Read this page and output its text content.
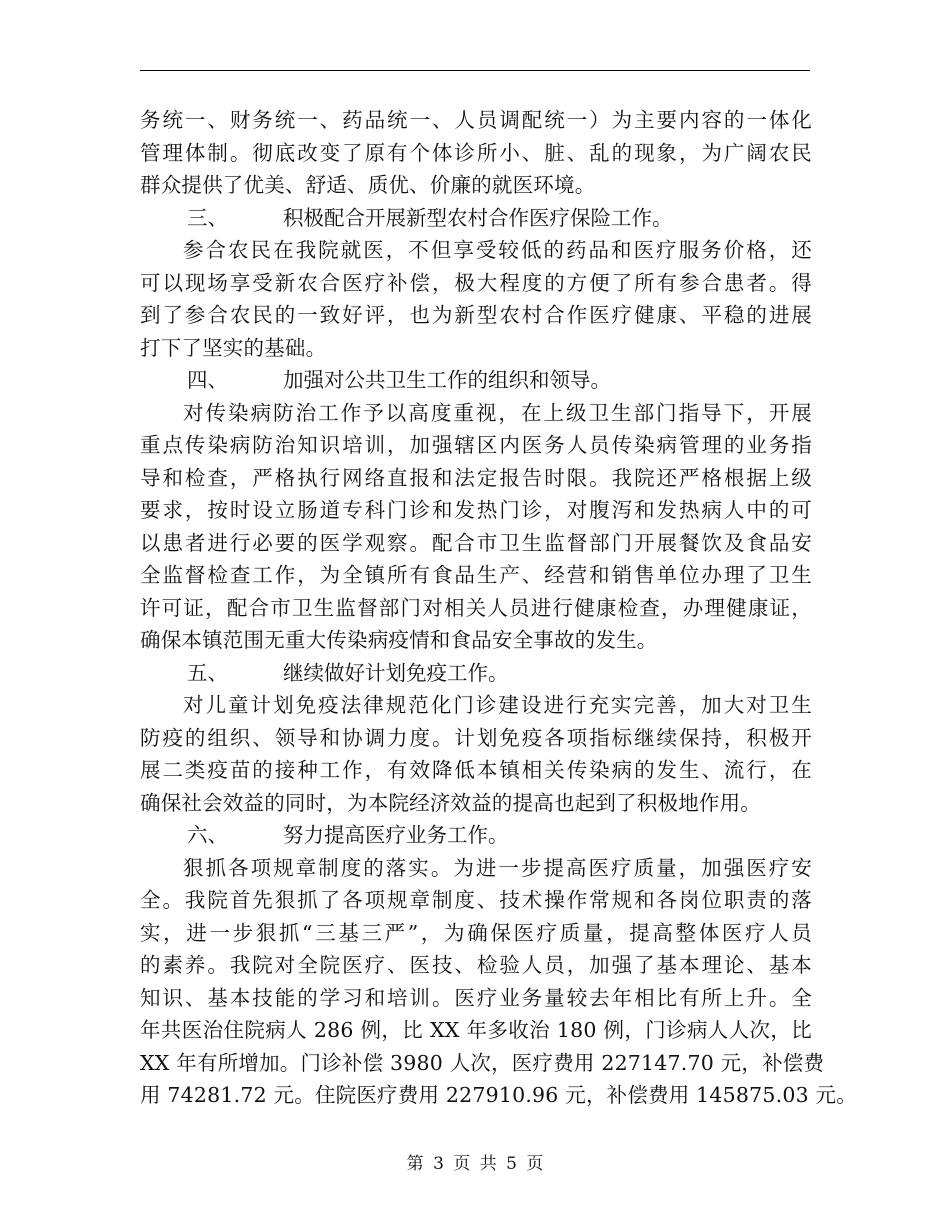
务统一、财务统一、药品统一、人员调配统一）为主要内容的一体化
管理体制。彻底改变了原有个体诊所小、脏、乱的现象，为广阔农民
群众提供了优美、舒适、质优、价廉的就医环境。
三、	积极配合开展新型农村合作医疗保险工作。
参合农民在我院就医，不但享受较低的药品和医疗服务价格，还
可以现场享受新农合医疗补偿，极大程度的方便了所有参合患者。得
到了参合农民的一致好评，也为新型农村合作医疗健康、平稳的进展
打下了坚实的基础。
四、	加强对公共卫生工作的组织和领导。
对传染病防治工作予以高度重视，在上级卫生部门指导下，开展
重点传染病防治知识培训，加强辖区内医务人员传染病管理的业务指
导和检查，严格执行网络直报和法定报告时限。我院还严格根据上级
要求，按时设立肠道专科门诊和发热门诊，对腹泻和发热病人中的可
以患者进行必要的医学观察。配合市卫生监督部门开展餐饮及食品安
全监督检查工作，为全镇所有食品生产、经营和销售单位办理了卫生
许可证，配合市卫生监督部门对相关人员进行健康检查，办理健康证，
确保本镇范围无重大传染病疫情和食品安全事故的发生。
五、	继续做好计划免疫工作。
对儿童计划免疫法律规范化门诊建设进行充实完善，加大对卫生
防疫的组织、领导和协调力度。计划免疫各项指标继续保持，积极开
展二类疫苗的接种工作，有效降低本镇相关传染病的发生、流行，在
确保社会效益的同时，为本院经济效益的提高也起到了积极地作用。
六、	努力提高医疗业务工作。
狠抓各项规章制度的落实。为进一步提高医疗质量，加强医疗安
全。我院首先狠抓了各项规章制度、技术操作常规和各岗位职责的落
实，进一步狠抓“三基三严”，为确保医疗质量，提高整体医疗人员
的素养。我院对全院医疗、医技、检验人员，加强了基本理论、基本
知识、基本技能的学习和培训。医疗业务量较去年相比有所上升。全
年共医治住院病人 286 例，比 XX 年多收治 180 例，门诊病人人次，比
XX 年有所增加。门诊补偿 3980 人次，医疗费用 227147.70 元，补偿费
用 74281.72 元。住院医疗费用 227910.96 元，补偿费用 145875.03 元。
第 3 页 共 5 页
